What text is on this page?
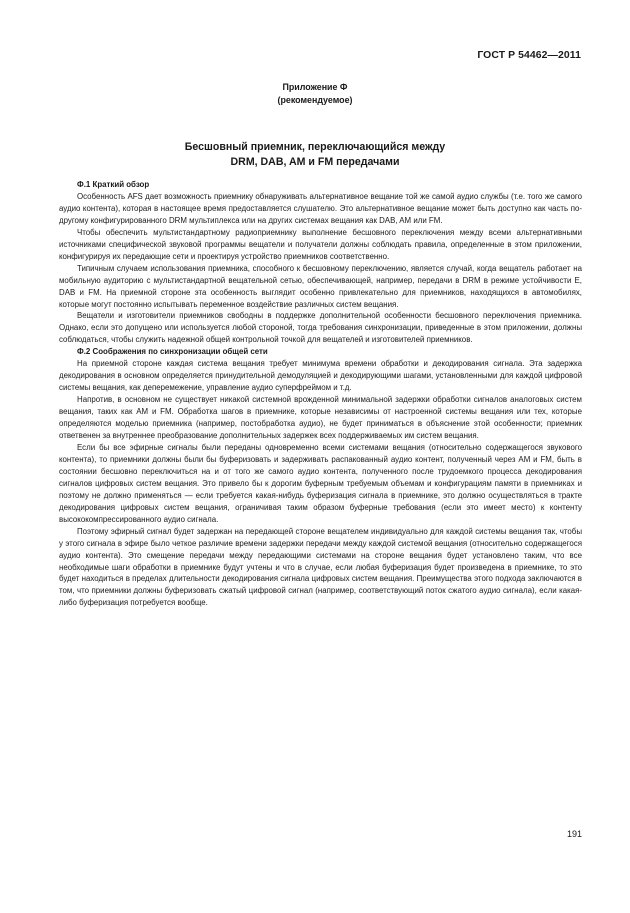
ГОСТ Р 54462—2011
Приложение Ф
(рекомендуемое)
Бесшовный приемник, переключающийся между
DRM, DAB, AM и FM передачами
Ф.1 Краткий обзор

Особенность AFS дает возможность приемнику обнаруживать альтернативное вещание той же самой аудио службы (т.е. того же самого аудио контента), которая в настоящее время предоставляется слушателю. Это альтернативное вещание может быть доступно как часть по-другому конфигурированного DRM мультиплекса или на других системах вещания как DAB, AM или FM.

Чтобы обеспечить мультистандартному радиоприемнику выполнение бесшовного переключения между всеми альтернативными источниками специфической звуковой программы вещатели и получатели должны соблюдать правила, определенные в этом приложении, конфигурируя их передающие сети и проектируя устройство приемников соответственно.

Типичным случаем использования приемника, способного к бесшовному переключению, является случай, когда вещатель работает на мобильную аудиторию с мультистандартной вещательной сетью, обеспечивающей, например, передачи в DRM в режиме устойчивости E, DAB и FM. На приемной стороне эта особенность выглядит особенно привлекательно для приемников, находящихся в автомобилях, которые могут постоянно испытывать переменное воздействие различных систем вещания.

Вещатели и изготовители приемников свободны в поддержке дополнительной особенности бесшовного переключения приемника. Однако, если это допущено или используется любой стороной, тогда требования синхронизации, приведенные в этом приложении, должны соблюдаться, чтобы служить надежной общей контрольной точкой для вещателей и изготовителей приемников.

Ф.2 Соображения по синхронизации общей сети

На приемной стороне каждая система вещания требует минимума времени обработки и декодирования сигнала. Эта задержка декодирования в основном определяется принудительной демодуляцией и декодирующими шагами, установленными для каждой цифровой системы вещания, как деперемежение, управление аудио суперфреймом и т.д.

Напротив, в основном не существует никакой системной врожденной минимальной задержки обработки сигналов аналоговых систем вещания, таких как AM и FM. Обработка шагов в приемнике, которые независимы от настроенной системы вещания или тех, которые определяются моделью приемника (например, постобработка аудио), не будет приниматься в объяснение этой особенности; приемник ответвенен за внутреннее преобразование дополнительных задержек всех поддерживаемых им систем вещания.

Если бы все эфирные сигналы были переданы одновременно всеми системами вещания (относительно содержащегося звукового контента), то приемники должны были бы буферизовать и задерживать распакованный аудио контент, полученный через AM и FM, быть в состоянии бесшовно переключиться на и от того же самого аудио контента, полученного после трудоемкого процесса декодирования сигналов цифровых систем вещания. Это привело бы к дорогим буферным требуемым объемам и конфигурациям памяти в приемниках и поэтому не должно применяться — если требуется какая-нибудь буферизация сигнала в приемнике, это должно осуществляться в тракте декодирования цифровых систем вещания, ограничивая таким образом буферные требования (если это имеет место) к контенту высококомпрессированного аудио сигнала.

Поэтому эфирный сигнал будет задержан на передающей стороне вещателем индивидуально для каждой системы вещания так, чтобы у этого сигнала в эфире было четкое различие времени задержки передачи между каждой системой вещания (относительно содержащегося аудио контента). Это смещение передачи между передающими системами на стороне вещания будет установлено таким, что все необходимые шаги обработки в приемнике будут учтены и что в случае, если любая буферизация будет произведена в приемнике, то это будет находиться в пределах длительности декодирования сигнала цифровых систем вещания. Преимущества этого подхода заключаются в том, что приемники должны буферизовать сжатый цифровой сигнал (например, соответствующий поток сжатого аудио сигнала), если какая-либо буферизация потребуется вообще.

191
